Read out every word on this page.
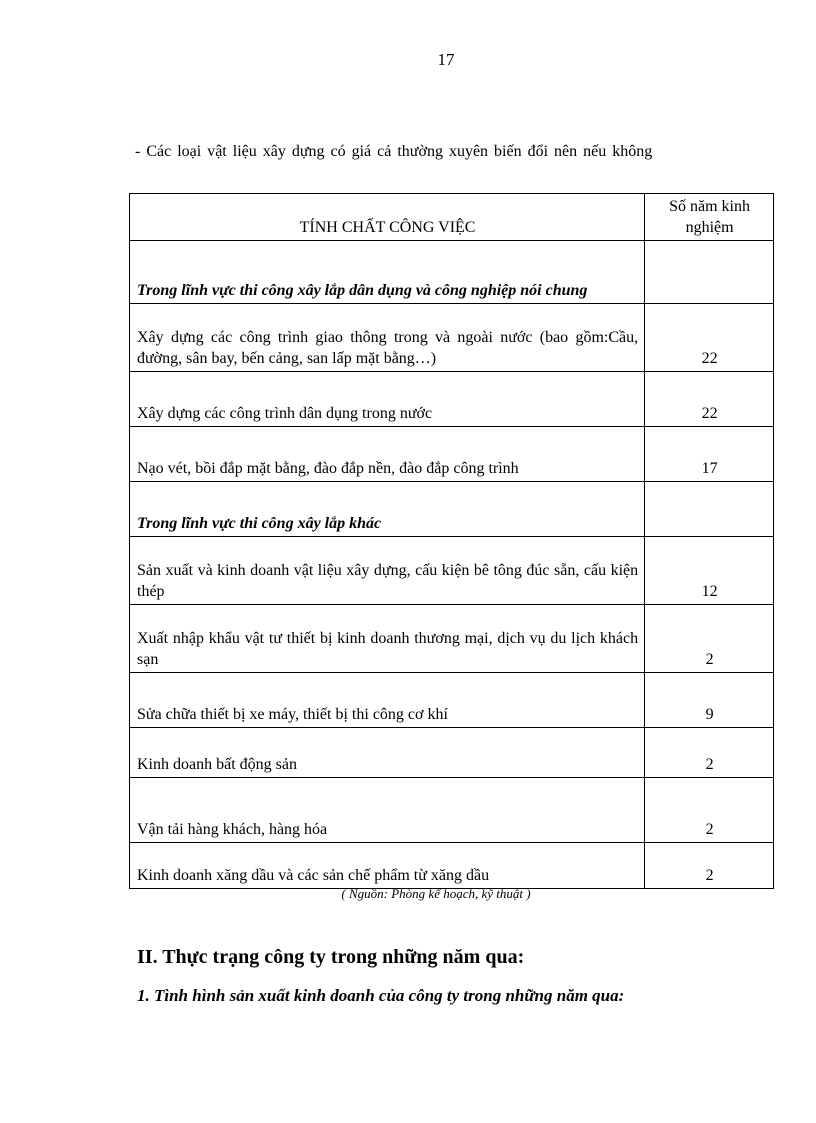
17
- Các loại vật liệu xây dựng có giá cả thường xuyên biến đổi nên nếu không
TÍNH CHẤT CÔNG VIỆC	Số năm kinh nghiệm
Trong lĩnh vực thi công xây lắp dân dụng và công nghiệp nói chung	
Xây dựng các công trình giao thông trong và ngoài nước (bao gồm:Cầu, đường, sân bay, bến cảng, san lấp mặt bằng…)	22
Xây dựng các công trình dân dụng trong nước	22
Nạo vét, bồi đắp mặt bằng, đào đắp nền, đào đắp công trình	17
Trong lĩnh vực thi công xây lắp khác	
Sản xuất và kinh doanh vật liệu xây dựng, cấu kiện bê tông đúc sẵn, cấu kiện thép	12
Xuất nhập khẩu vật tư thiết bị kinh doanh thương mại, dịch vụ du lịch khách sạn	2
Sửa chữa thiết bị xe máy, thiết bị thi công cơ khí	9
Kinh doanh bất động sản	2
Vận tải hàng khách, hàng hóa	2
Kinh doanh xăng dầu và các sản chế phẩm từ xăng dầu	2
( Nguồn: Phòng kế hoạch, kỹ thuật )
II. Thực trạng công ty trong những năm qua:
1. Tình hình sản xuất kinh doanh của công ty trong những năm qua:
